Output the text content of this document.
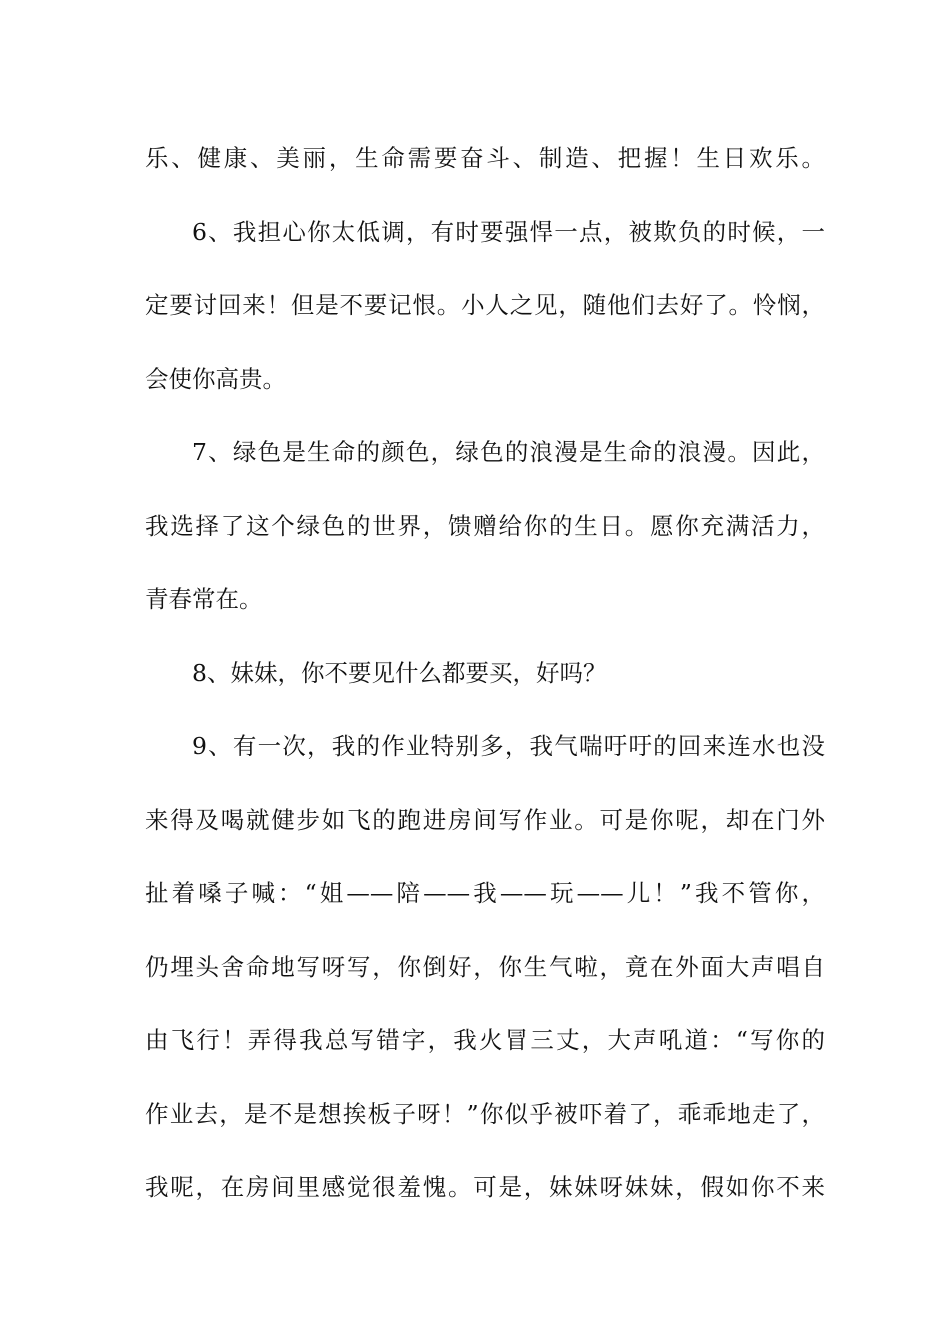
乐、健康、美丽，生命需要奋斗、制造、把握！生日欢乐。
6、我担心你太低调，有时要强悍一点，被欺负的时候，一
定要讨回来！但是不要记恨。小人之见，随他们去好了。怜悯，
会使你高贵。
7、绿色是生命的颜色，绿色的浪漫是生命的浪漫。因此，
我选择了这个绿色的世界，馈赠给你的生日。愿你充满活力，
青春常在。
8、妹妹，你不要见什么都要买，好吗？
9、有一次，我的作业特别多，我气喘吁吁的回来连水也没
来得及喝就健步如飞的跑进房间写作业。可是你呢，却在门外
扯着嗓子喊：“姐——陪——我——玩——儿！”我不管你，
仍埋头舍命地写呀写，你倒好，你生气啦，竟在外面大声唱自
由飞行！弄得我总写错字，我火冒三丈，大声吼道：“写你的
作业去，是不是想挨板子呀！”你似乎被吓着了，乖乖地走了，
我呢，在房间里感觉很羞愧。可是，妹妹呀妹妹，假如你不来
